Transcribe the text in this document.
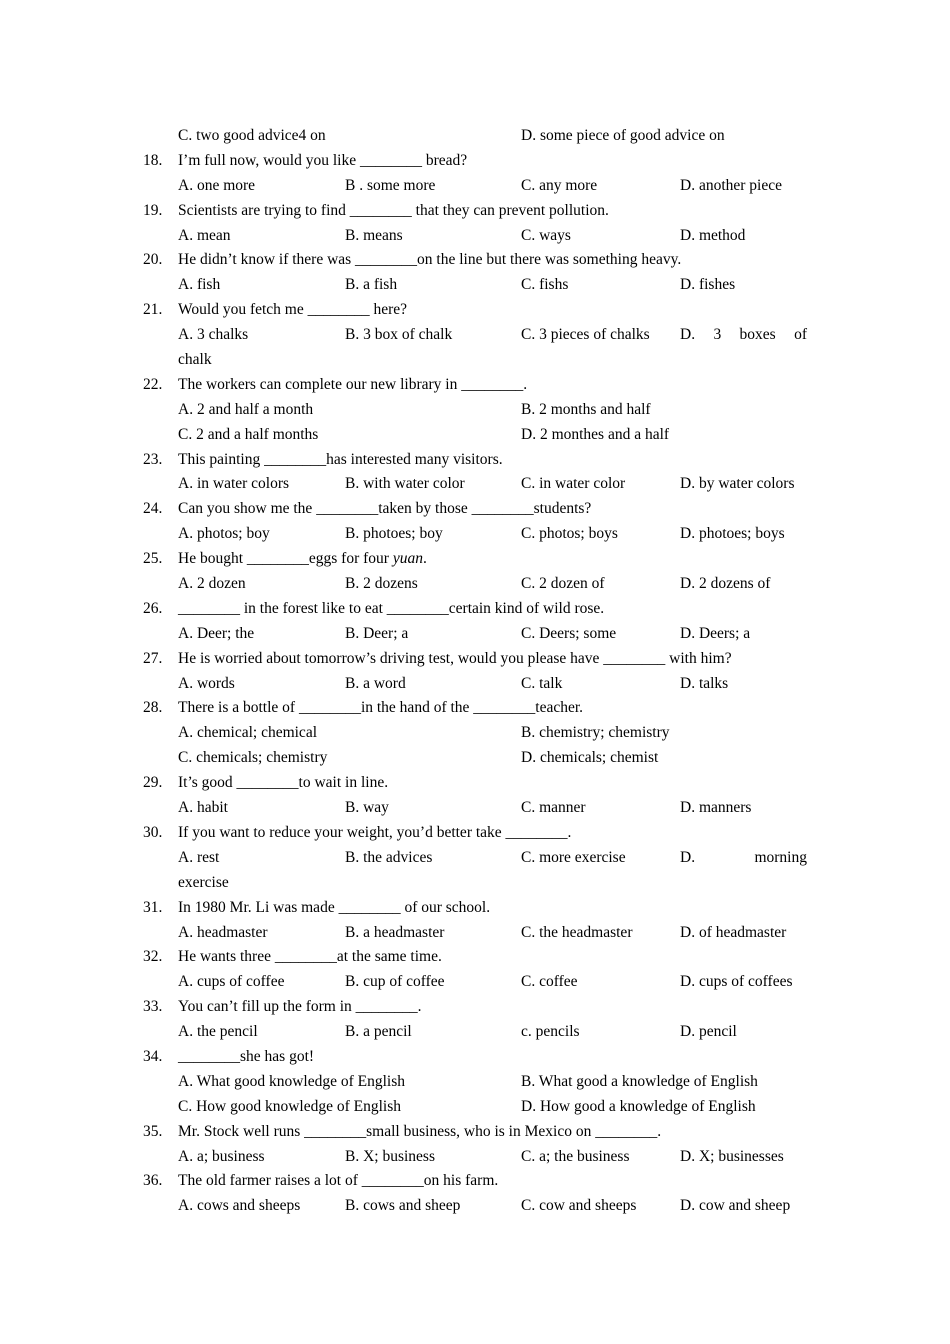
C. two good advice4 on	D. some piece of good advice on
18. I’m full now, would you like ________ bread?
A. one more	B . some more	C. any more	D. another piece
19. Scientists are trying to find ________ that they can prevent pollution.
A. mean	B. means	C. ways	D. method
20. He didn’t know if there was ________on the line but there was something heavy.
A. fish	B. a fish	C. fishs	D. fishes
21. Would you fetch me ________ here?
A. 3 chalks	B. 3 box of chalk	C. 3 pieces of chalks D. 3 boxes of
chalk
22. The workers can complete our new library in ________.
A. 2 and half a month	B. 2 months and half
C. 2 and a half months	D. 2 monthes and a half
23. This painting ________has interested many visitors.
A. in water colors	B. with water color	C. in water color	D. by water colors
24. Can you show me the ________taken by those ________students?
A. photos; boy	B. photoes; boy	C. photos; boys	D. photoes; boys
25. He bought ________eggs for four yuan.
A. 2 dozen	B. 2 dozens	C. 2 dozen of	D. 2 dozens of
26. ________ in the forest like to eat ________certain kind of wild rose.
A. Deer; the	B. Deer; a	C. Deers; some	D. Deers; a
27. He is worried about tomorrow’s driving test, would you please have ________ with him?
A. words	B. a word	C. talk	D. talks
28. There is a bottle of ________in the hand of the ________teacher.
A. chemical; chemical	B. chemistry; chemistry
C. chemicals; chemistry	D. chemicals; chemist
29. It’s good ________to wait in line.
A. habit	B. way	C. manner	D. manners
30. If you want to reduce your weight, you’d better take ________.
A. rest	B. the advices	C. more exercise	D.	morning
exercise
31. In 1980 Mr. Li was made ________ of our school.
A. headmaster	B. a headmaster	C. the headmaster	D. of headmaster
32. He wants three ________at the same time.
A. cups of coffee	B. cup of coffee	C. coffee	D. cups of coffees
33. You can’t fill up the form in ________.
A. the pencil	B. a pencil	c. pencils	D. pencil
34. ________she has got!
A. What good knowledge of English	B. What good a knowledge of English
C. How good knowledge of English	D. How good a knowledge of English
35. Mr. Stock well runs ________small business, who is in Mexico on ________.
A. a; business	B. X; business	C. a; the business	D. X; businesses
36. The old farmer raises a lot of ________on his farm.
A. cows and sheeps	B. cows and sheep	C. cow and sheeps	D. cow and sheep
